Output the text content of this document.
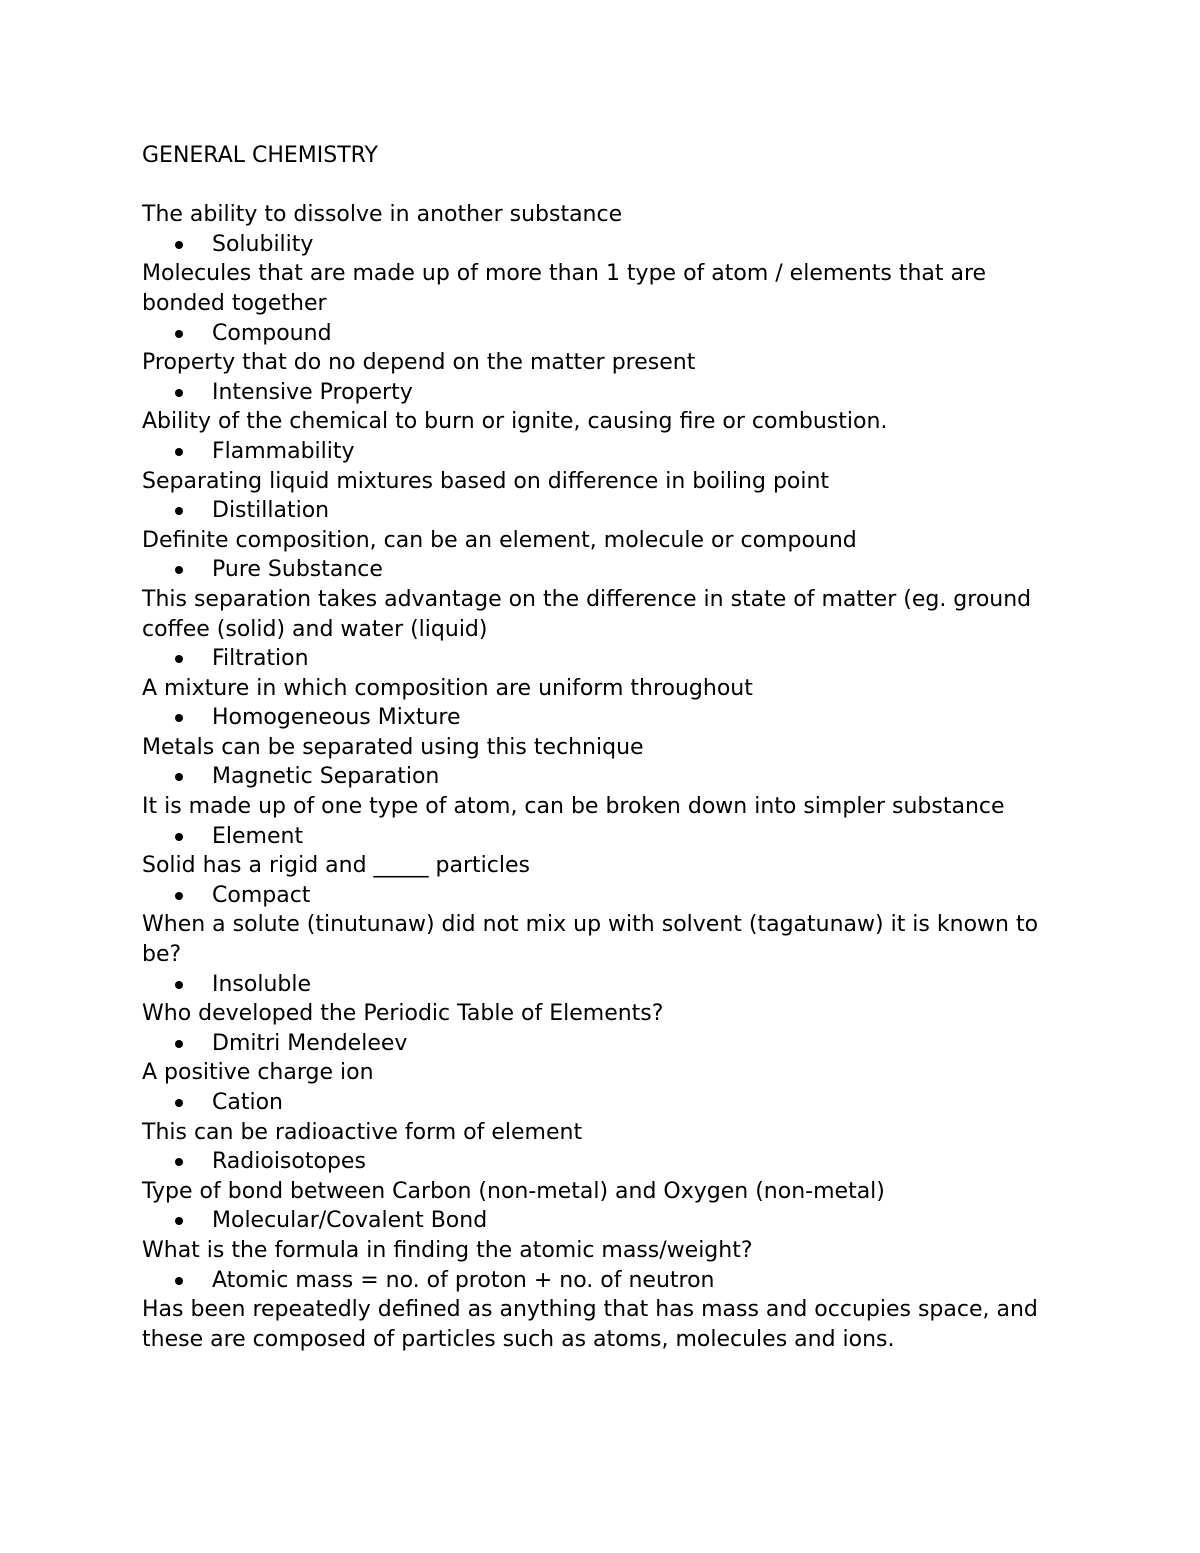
GENERAL CHEMISTRY

The ability to dissolve in another substance

Solubility

Molecules that are made up of more than 1 type of atom / elements that are bonded together

Compound

Property that do no depend on the matter present

Intensive Property

Ability of the chemical to burn or ignite, causing fire or combustion.

Flammability

Separating liquid mixtures based on difference in boiling point

Distillation

Definite composition, can be an element, molecule or compound

Pure Substance

This separation takes advantage on the difference in state of matter (eg. ground coffee (solid) and water (liquid)

Filtration

A mixture in which composition are uniform throughout

Homogeneous Mixture

Metals can be separated using this technique

Magnetic Separation

It is made up of one type of atom, can be broken down into simpler substance

Element

Solid has a rigid and _____ particles

Compact

When a solute (tinutunaw) did not mix up with solvent (tagatunaw) it is known to be?

Insoluble

Who developed the Periodic Table of Elements?

Dmitri Mendeleev

A positive charge ion

Cation

This can be radioactive form of element

Radioisotopes

Type of bond between Carbon (non-metal) and Oxygen (non-metal)

Molecular/Covalent Bond

What is the formula in finding the atomic mass/weight?

Atomic mass = no. of proton + no. of neutron

Has been repeatedly defined as anything that has mass and occupies space, and these are composed of particles such as atoms, molecules and ions.
